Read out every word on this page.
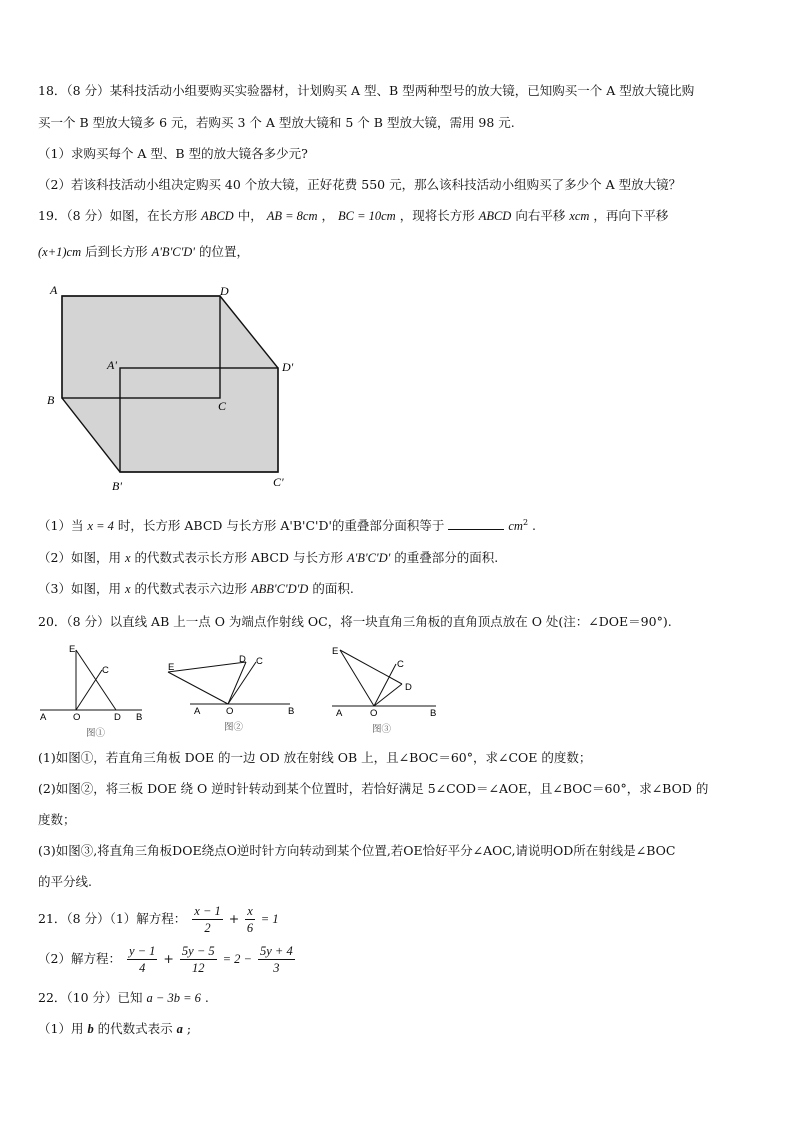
18．（8 分）某科技活动小组要购买实验器材，计划购买 A 型、B 型两种型号的放大镜，已知购买一个 A 型放大镜比购
买一个 B 型放大镜多 6 元，若购买 3 个 A 型放大镜和 5 个 B 型放大镜，需用 98 元.
（1）求购买每个 A 型、B 型的放大镜各多少元?
（2）若该科技活动小组决定购买 40 个放大镜，正好花费 550 元，那么该科技活动小组购买了多少个 A 型放大镜？
19．（8 分）如图，在长方形 ABCD 中， AB = 8cm ， BC = 10cm ，现将长方形 ABCD 向右平移 xcm ，再向下平移
(x+1)cm 后到长方形 A'B'C'D' 的位置，
A	D
A'	D'
B	C
B'	C'
（1）当 x = 4 时，长方形 ABCD 与长方形 A'B'C'D'的重叠部分面积等于	$cm^2$ .
（2）如图，用 x 的代数式表示长方形 ABCD 与长方形 A'B'C'D' 的重叠部分的面积.
（3）如图，用 x 的代数式表示六边形 ABB'C'D'D 的面积.
20．（8 分）以直线 AB 上一点 O 为端点作射线 OC，将一块直角三角板的直角顶点放在 O 处(注：∠DOE＝90°).
E
C
A	O	D B
图①
E
D C
A	O	B
图②
E
C
D
A	O	B
图③
(1)如图①，若直角三角板 DOE 的一边 OD 放在射线 OB 上，且∠BOC＝60°，求∠COE 的度数；
(2)如图②，将三板 DOE 绕 O 逆时针转动到某个位置时，若恰好满足 5∠COD＝∠AOE，且∠BOC＝60°，求∠BOD 的
度数；
(3)如图③,将直角三角板DOE绕点O逆时针方向转动到某个位置,若OE恰好平分∠AOC,请说明OD所在射线是∠BOC
的平分线.
21．（8 分）（1）解方程： $\frac{x - 1}{2} + \frac{x}{6} = 1$
（2）解方程： $\frac{y - 1}{4} + \frac{5y - 5}{12} = 2 - \frac{5y + 4}{3}$
22．（10 分）已知 a − 3b = 6 .
（1）用 b 的代数式表示 a ;
